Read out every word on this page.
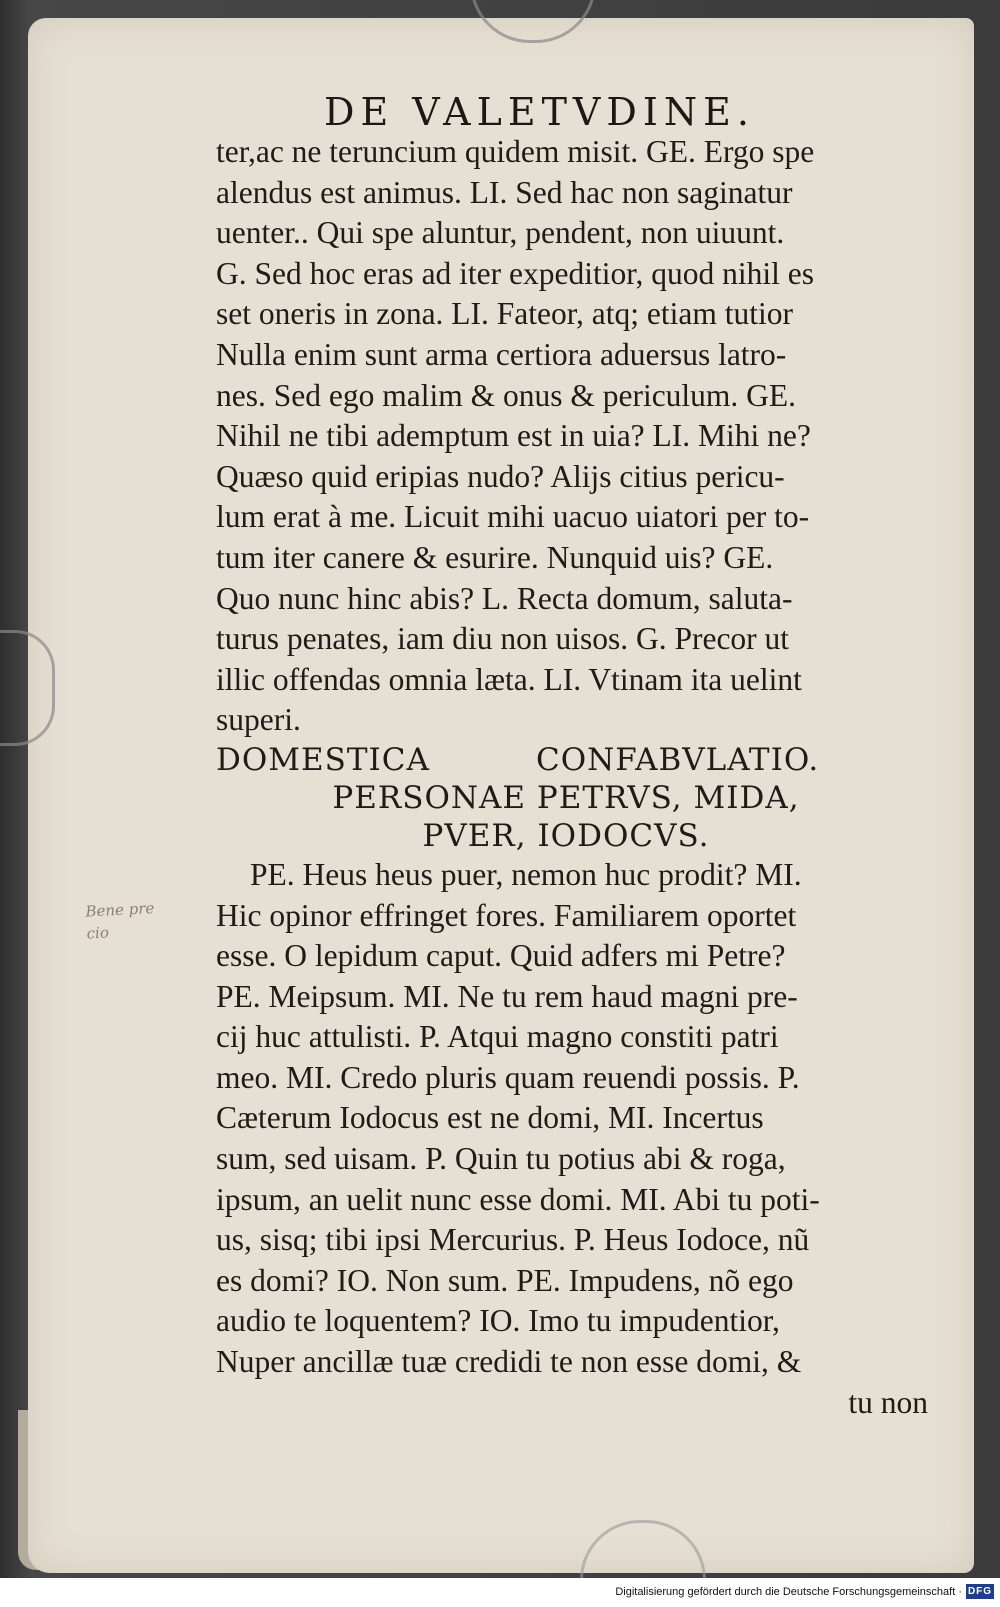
DE VALETVDINE.
ter,ac ne teruncium quidem misit. GE. Ergo spe
alendus est animus. LI. Sed hac non saginatur
uenter.. Qui spe aluntur, pendent, non uiuunt.
G. Sed hoc eras ad iter expeditior, quod nihil es
set oneris in zona. LI. Fateor, atq; etiam tutior
Nulla enim sunt arma certiora aduersus latro-
nes. Sed ego malim & onus & periculum. GE.
Nihil ne tibi ademptum est in uia? LI. Mihi ne?
Quæso quid eripias nudo? Alijs citius pericu-
lum erat à me. Licuit mihi uacuo uiatori per to-
tum iter canere & esurire. Nunquid uis? GE.
Quo nunc hinc abis? L. Recta domum, saluta-
turus penates, iam diu non uisos. G. Precor ut
illic offendas omnia læta. LI. Vtinam ita uelint
superi.
DOMESTICA	CONFABVLATIO.
PERSONAE PETRVS, MIDA,
PVER, IODOCVS.
PE. Heus heus puer, nemon huc prodit? MI.
Hic opinor effringet fores. Familiarem oportet
esse. O lepidum caput. Quid adfers mi Petre?
PE. Meipsum. MI. Ne tu rem haud magni pre-
cij huc attulisti. P. Atqui magno constiti patri
meo. MI. Credo pluris quam reuendi possis. P.
Cæterum Iodocus est ne domi, MI. Incertus
sum, sed uisam. P. Quin tu potius abi & roga,
ipsum, an uelit nunc esse domi. MI. Abi tu poti-
us, sisq; tibi ipsi Mercurius. P. Heus Iodoce, nũ
es domi? IO. Non sum. PE. Impudens, nõ ego
audio te loquentem? IO. Imo tu impudentior,
Nuper ancillæ tuæ credidi te non esse domi, &
tu non
Bene pre
cio
Digitalisierung gefördert durch die Deutsche Forschungsgemeinschaft · DFG
